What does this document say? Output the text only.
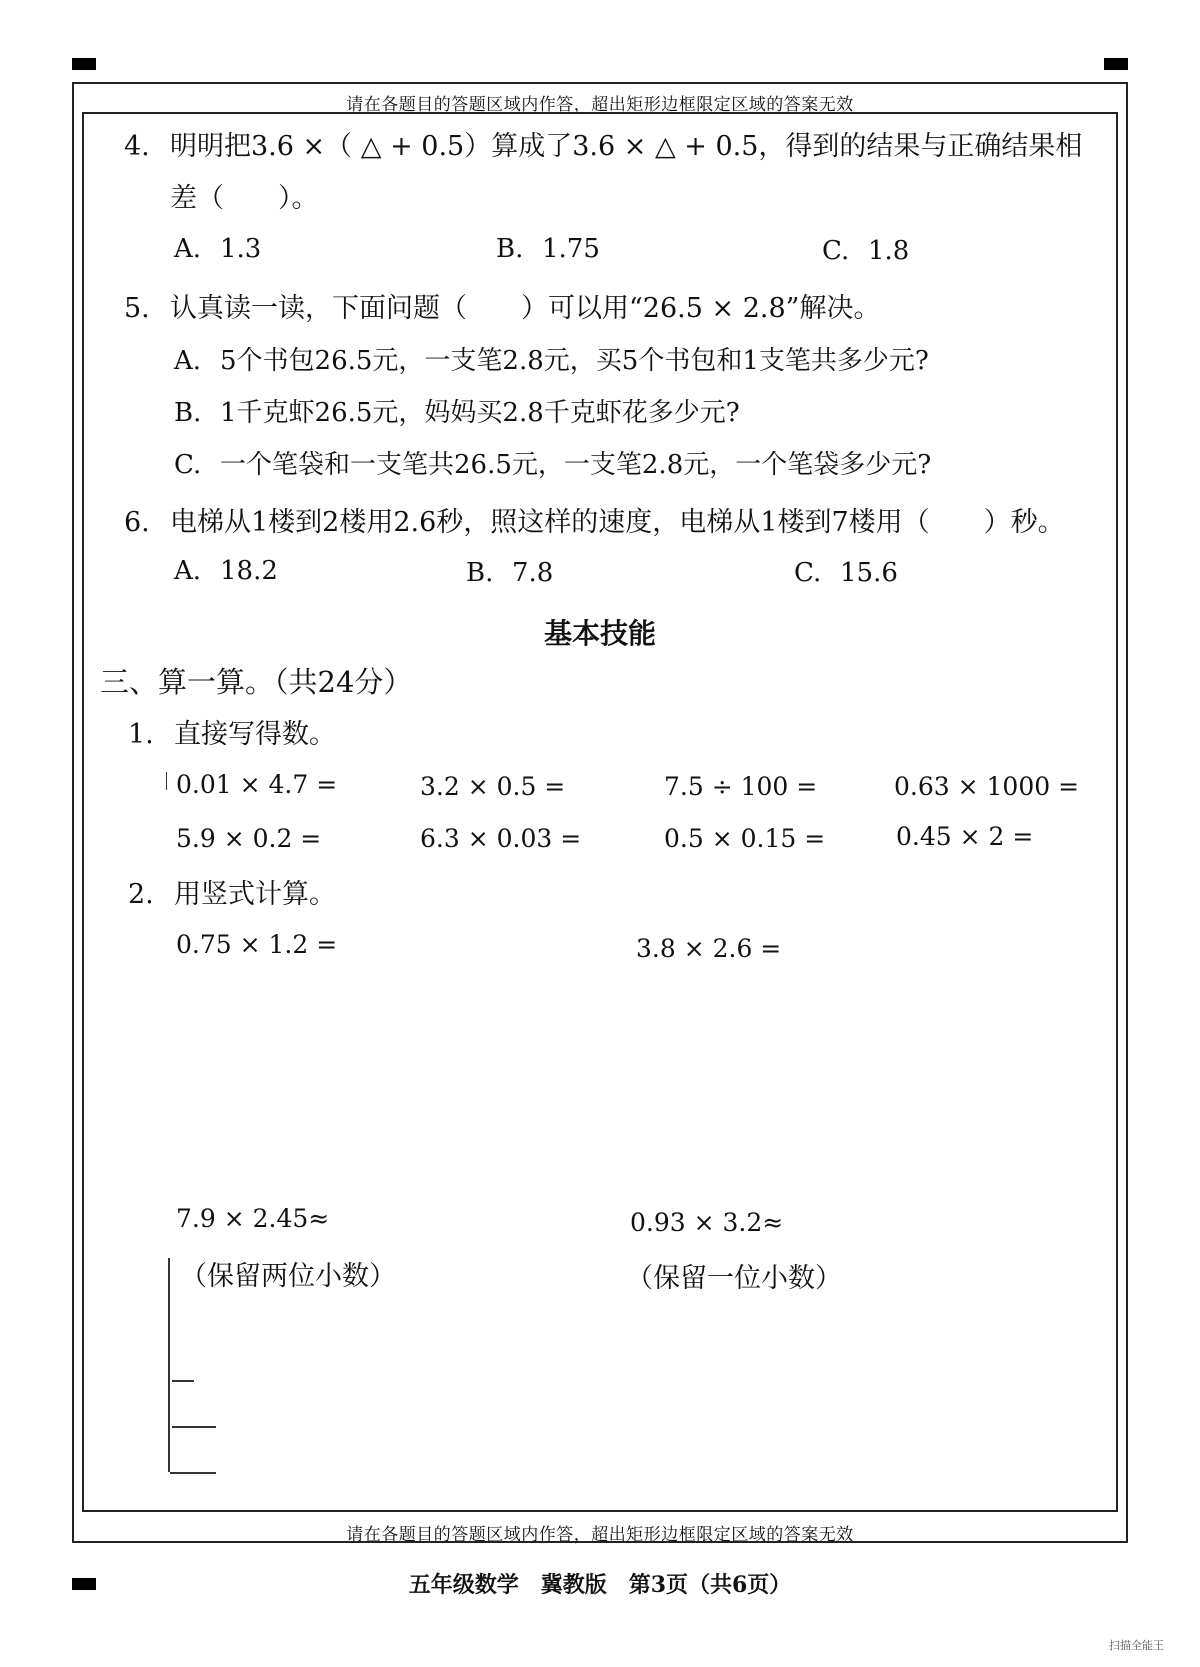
请在各题目的答题区域内作答，超出矩形边框限定区域的答案无效
4. 明明把3.6 ×（ △ + 0.5）算成了3.6 × △ + 0.5，得到的结果与正确结果相
差（　　）。
A. 1.3	B. 1.75	C. 1.8
5. 认真读一读，下面问题（　　）可以用“26.5 × 2.8”解决。
A. 5个书包26.5元，一支笔2.8元，买5个书包和1支笔共多少元?
B. 1千克虾26.5元，妈妈买2.8千克虾花多少元?
C. 一个笔袋和一支笔共26.5元，一支笔2.8元，一个笔袋多少元?
6. 电梯从1楼到2楼用2.6秒，照这样的速度，电梯从1楼到7楼用（　　）秒。
A. 18.2	B. 7.8	C. 15.6
基本技能
三、算一算。（共24分）
1. 直接写得数。
0.01 × 4.7 =	3.2 × 0.5 =	7.5 ÷ 100 =	0.63 × 1000 =
5.9 × 0.2 =	6.3 × 0.03 =	0.5 × 0.15 =	0.45 × 2 =
2. 用竖式计算。
0.75 × 1.2 =	3.8 × 2.6 =
7.9 × 2.45≈	0.93 × 3.2≈
（保留两位小数）	（保留一位小数）
请在各题目的答题区域内作答，超出矩形边框限定区域的答案无效
五年级数学　冀教版　第3页（共6页）
扫描全能王
